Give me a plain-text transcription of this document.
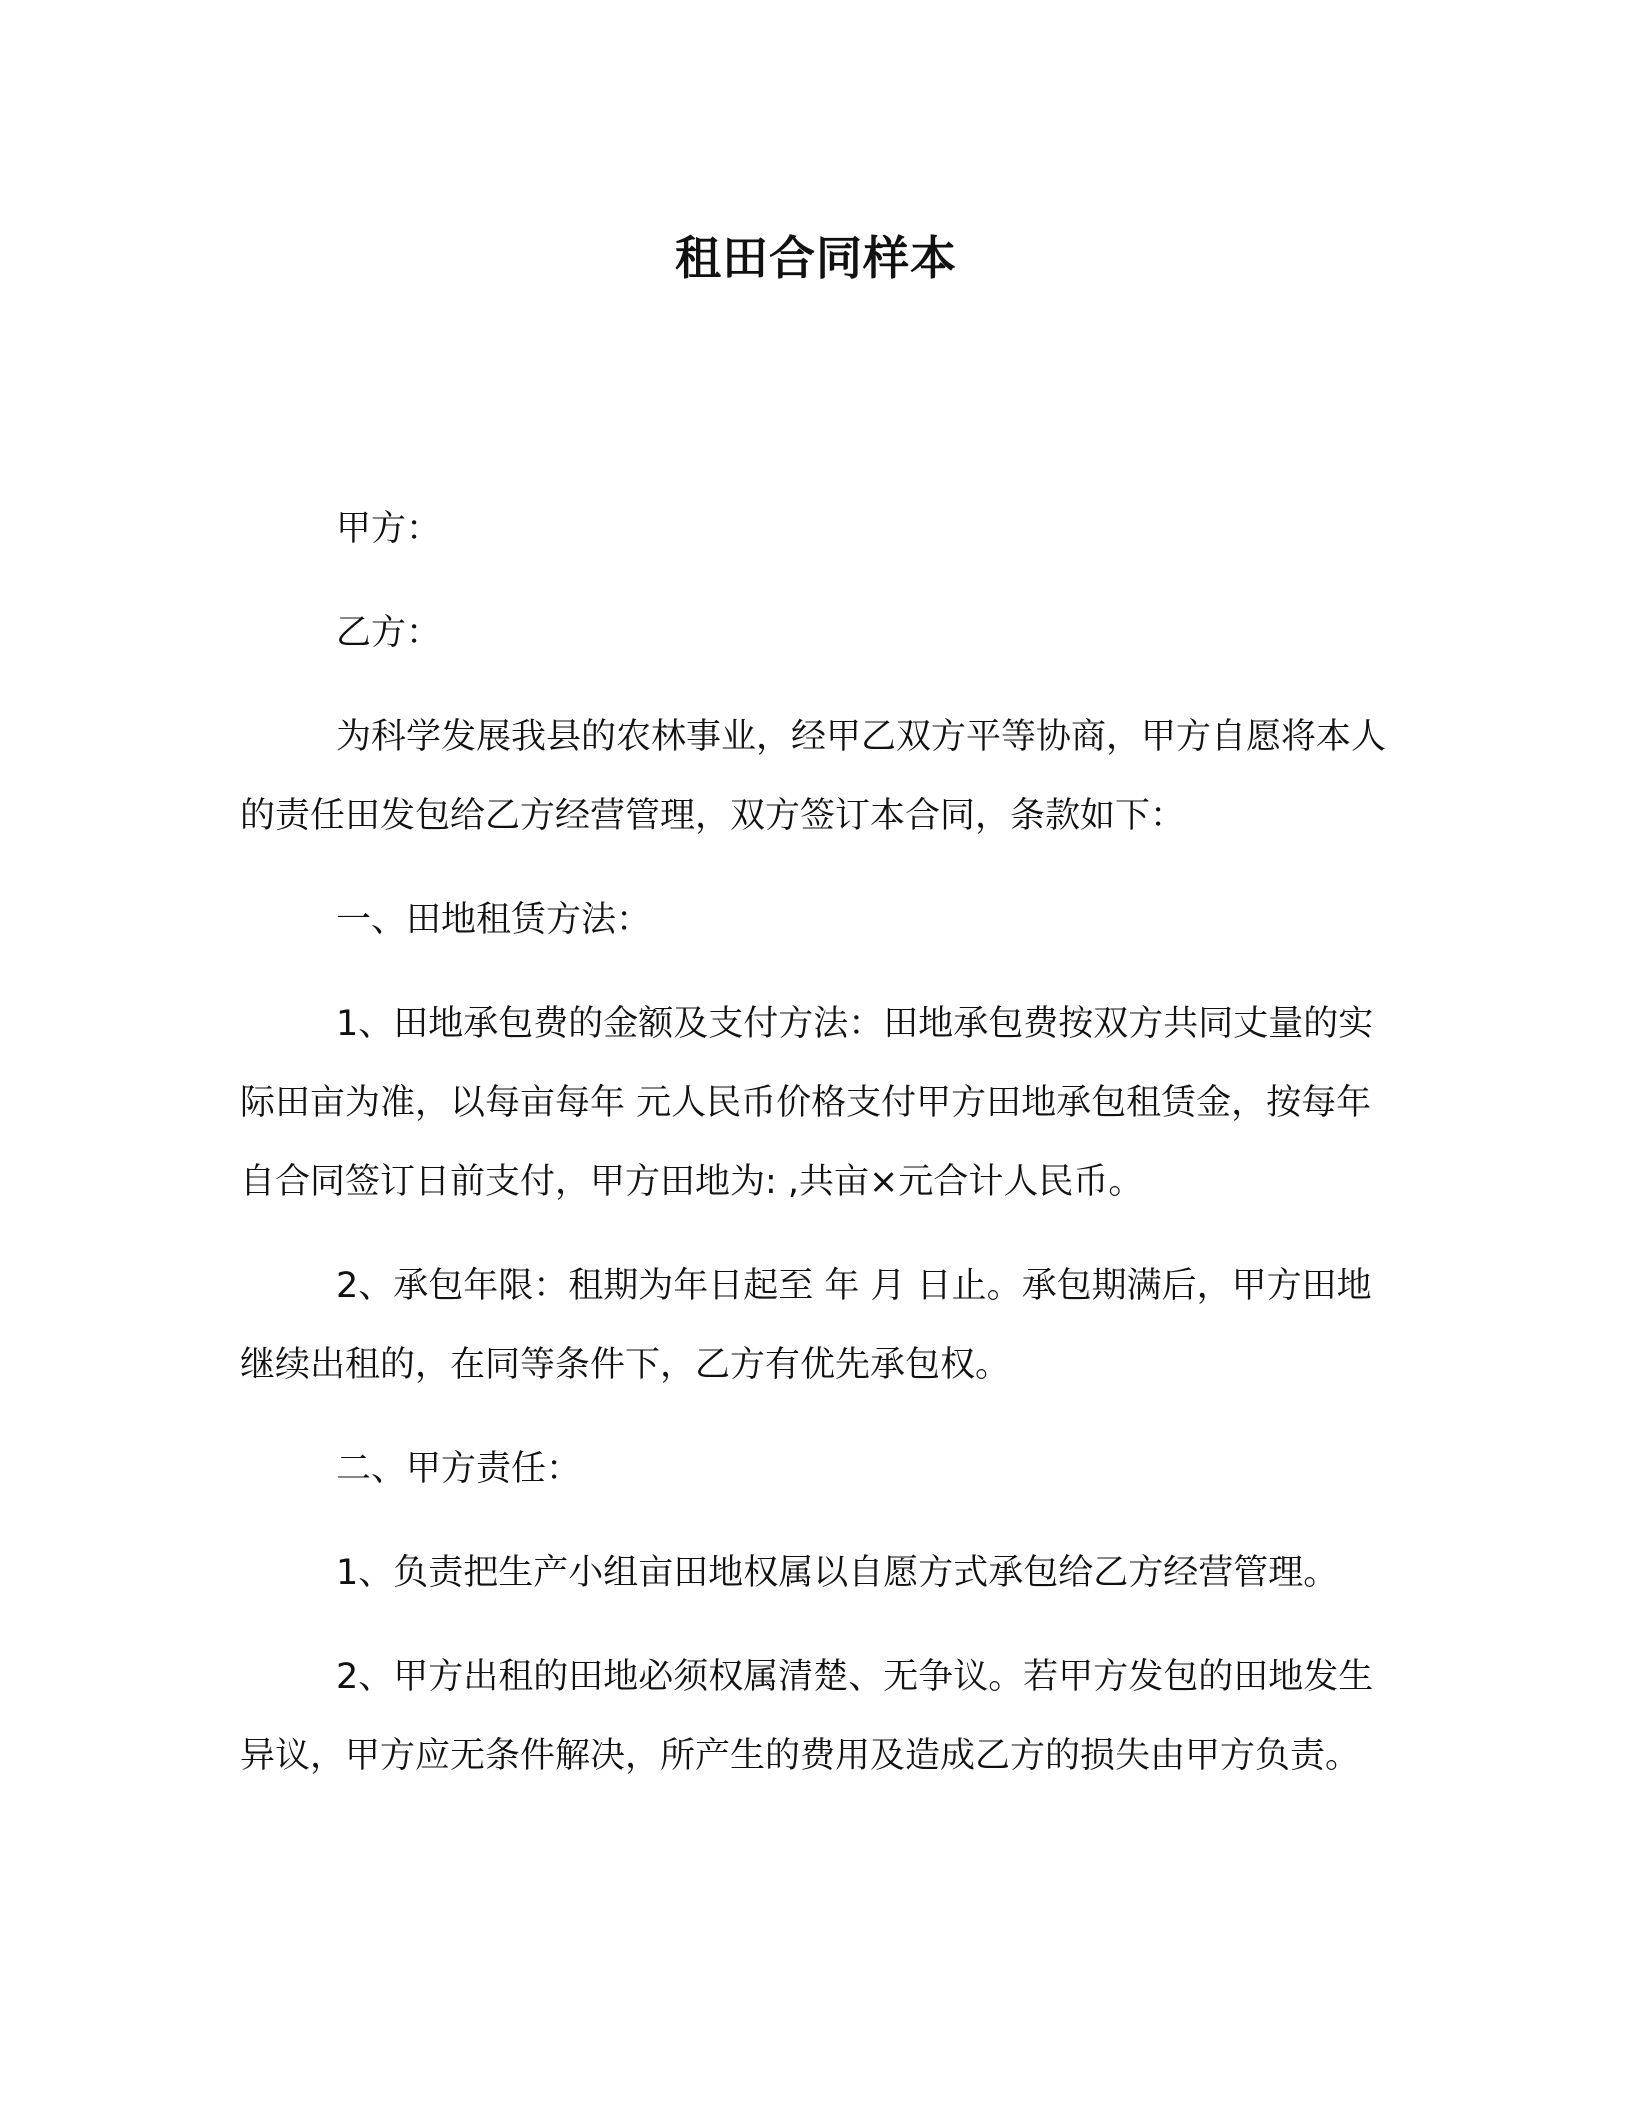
租田合同样本

甲方：

乙方：

为科学发展我县的农林事业，经甲乙双方平等协商，甲方自愿将本人的责任田发包给乙方经营管理，双方签订本合同，条款如下：

一、田地租赁方法：

1、田地承包费的金额及支付方法：田地承包费按双方共同丈量的实际田亩为准，以每亩每年 元人民币价格支付甲方田地承包租赁金，按每年自合同签订日前支付，甲方田地为: ,共亩×元合计人民币。

2、承包年限：租期为年日起至 年 月 日止。承包期满后，甲方田地继续出租的，在同等条件下，乙方有优先承包权。

二、甲方责任：

1、负责把生产小组亩田地权属以自愿方式承包给乙方经营管理。

2、甲方出租的田地必须权属清楚、无争议。若甲方发包的田地发生异议，甲方应无条件解决，所产生的费用及造成乙方的损失由甲方负责。
